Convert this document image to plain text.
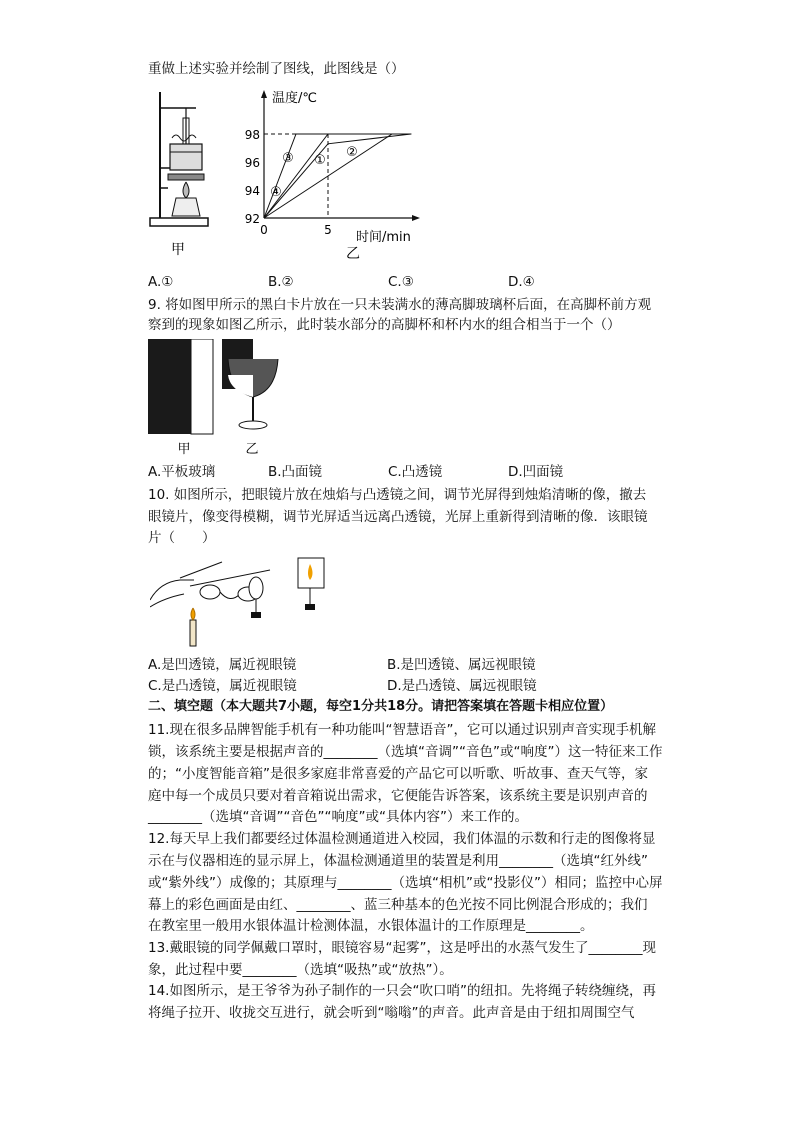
重做上述实验并绘制了图线，此图线是（）
甲
温度/℃
时间/min
乙
98
96
94
92
0	5
③ ①
②
④
A.①	B.②	C.③	D.④
9. 将如图甲所示的黑白卡片放在一只未装满水的薄高脚玻璃杯后面，在高脚杯前方观
察到的现象如图乙所示，此时装水部分的高脚杯和杯内水的组合相当于一个（）
甲	乙
A.平板玻璃	B.凸面镜	C.凸透镜	D.凹面镜
10. 如图所示，把眼镜片放在烛焰与凸透镜之间，调节光屏得到烛焰清晰的像，撤去
眼镜片，像变得模糊，调节光屏适当远离凸透镜，光屏上重新得到清晰的像．该眼镜
片（　　）
A.是凹透镜，属近视眼镜	B.是凹透镜、属远视眼镜
C.是凸透镜，属近视眼镜	D.是凸透镜、属远视眼镜
二、填空题（本大题共7小题，每空1分共18分。请把答案填在答题卡相应位置）
11.现在很多品牌智能手机有一种功能叫“智慧语音”，它可以通过识别声音实现手机解
锁，该系统主要是根据声音的________（选填“音调”“音色”或“响度”）这一特征来工作
的；“小度智能音箱”是很多家庭非常喜爱的产品它可以听歌、听故事、查天气等，家
庭中每一个成员只要对着音箱说出需求，它便能告诉答案，该系统主要是识别声音的
________（选填“音调”“音色”“响度”或“具体内容”）来工作的。
12.每天早上我们都要经过体温检测通道进入校园，我们体温的示数和行走的图像将显
示在与仪器相连的显示屏上，体温检测通道里的装置是利用________（选填“红外线”
或“紫外线”）成像的；其原理与________（选填“相机”或“投影仪”）相同；监控中心屏
幕上的彩色画面是由红、________、蓝三种基本的色光按不同比例混合形成的；我们
在教室里一般用水银体温计检测体温，水银体温计的工作原理是________。
13.戴眼镜的同学佩戴口罩时，眼镜容易“起雾”，这是呼出的水蒸气发生了________现
象，此过程中要________（选填“吸热”或“放热”）。
14.如图所示，是王爷爷为孙子制作的一只会“吹口哨”的纽扣。先将绳子转绕缠绕，再
将绳子拉开、收拢交互进行，就会听到“嗡嗡”的声音。此声音是由于纽扣周围空气
